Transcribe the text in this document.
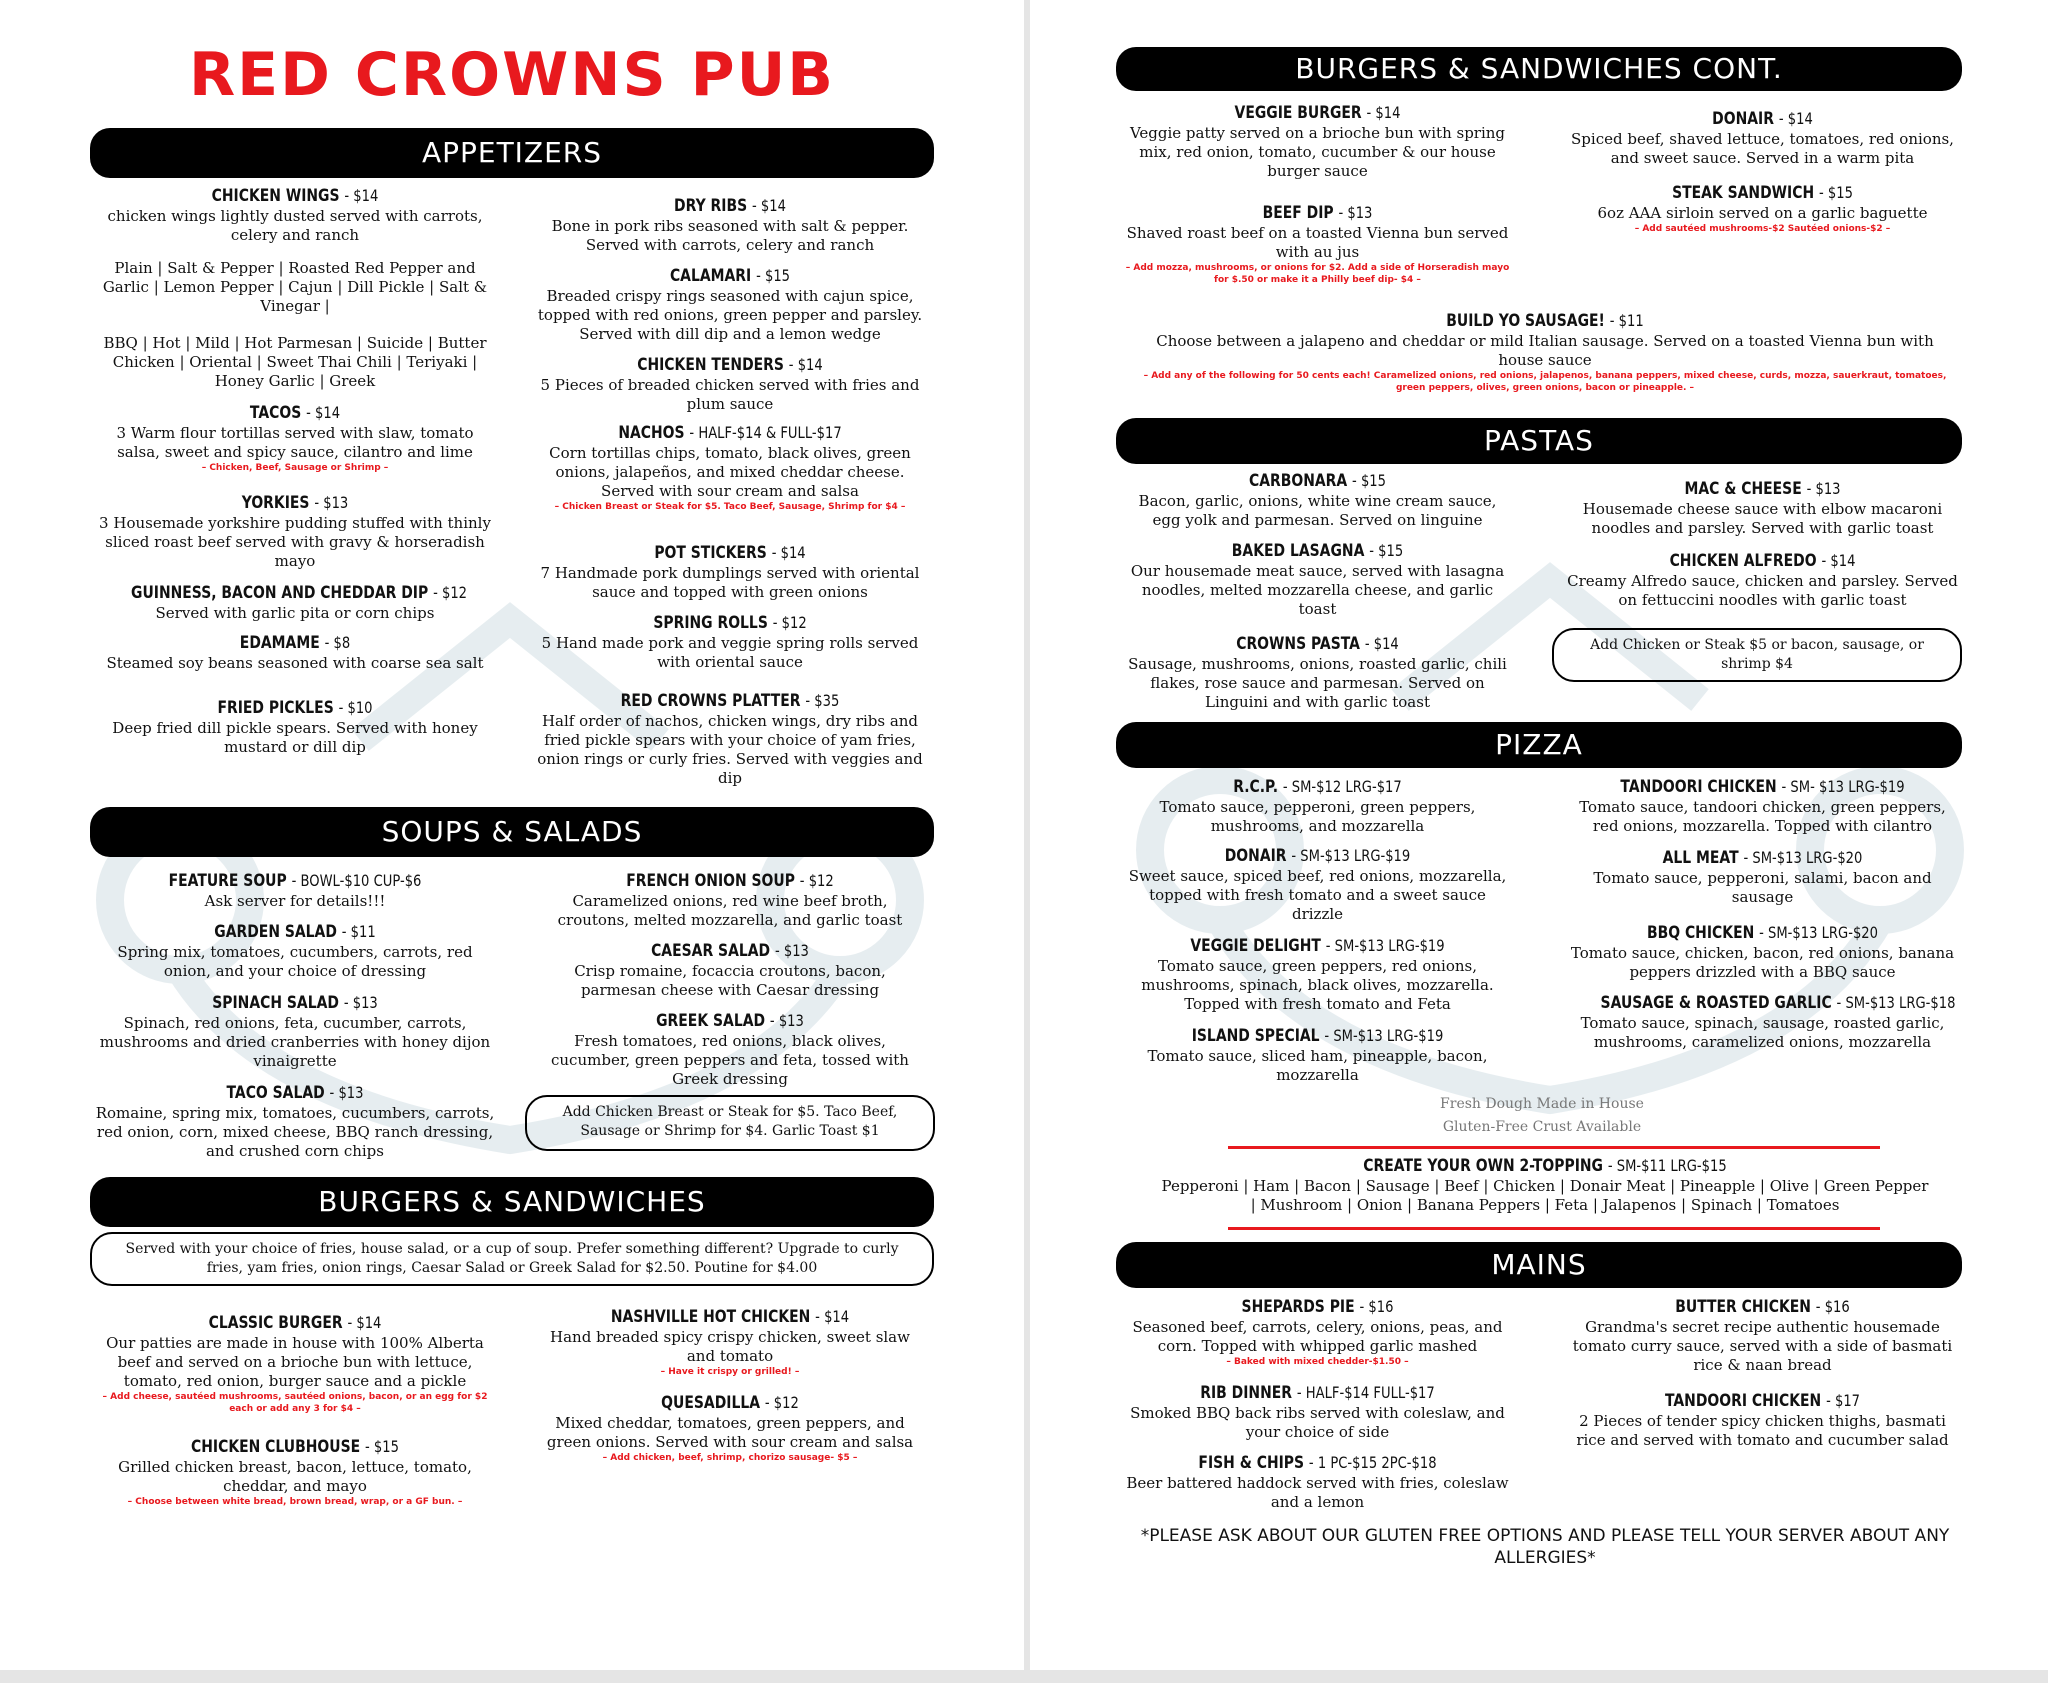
RED CROWNS PUB
APPETIZERS
CHICKEN WINGS - $14
chicken wings lightly dusted served with carrots, celery and ranch
Plain | Salt & Pepper | Roasted Red Pepper and Garlic | Lemon Pepper | Cajun | Dill Pickle | Salt & Vinegar |
BBQ | Hot | Mild | Hot Parmesan | Suicide | Butter Chicken | Oriental | Sweet Thai Chili | Teriyaki | Honey Garlic | Greek
TACOS - $14
3 Warm flour tortillas served with slaw, tomato salsa, sweet and spicy sauce, cilantro and lime
– Chicken, Beef, Sausage or Shrimp –
YORKIES - $13
3 Housemade yorkshire pudding stuffed with thinly sliced roast beef served with gravy & horseradish mayo
GUINNESS, BACON AND CHEDDAR DIP - $12
Served with garlic pita or corn chips
EDAMAME - $8
Steamed soy beans seasoned with coarse sea salt
FRIED PICKLES - $10
Deep fried dill pickle spears. Served with honey mustard or dill dip
DRY RIBS - $14
Bone in pork ribs seasoned with salt & pepper. Served with carrots, celery and ranch
CALAMARI - $15
Breaded crispy rings seasoned with cajun spice, topped with red onions, green pepper and parsley. Served with dill dip and a lemon wedge
CHICKEN TENDERS - $14
5 Pieces of breaded chicken served with fries and plum sauce
NACHOS - HALF-$14 & FULL-$17
Corn tortillas chips, tomato, black olives, green onions, jalapeños, and mixed cheddar cheese. Served with sour cream and salsa
– Chicken Breast or Steak for $5. Taco Beef, Sausage, Shrimp for $4 –
POT STICKERS - $14
7 Handmade pork dumplings served with oriental sauce and topped with green onions
SPRING ROLLS - $12
5 Hand made pork and veggie spring rolls served with oriental sauce
RED CROWNS PLATTER - $35
Half order of nachos, chicken wings, dry ribs and fried pickle spears with your choice of yam fries, onion rings or curly fries. Served with veggies and dip
SOUPS & SALADS
FEATURE SOUP - BOWL-$10 CUP-$6
Ask server for details!!!
GARDEN SALAD - $11
Spring mix, tomatoes, cucumbers, carrots, red onion, and your choice of dressing
SPINACH SALAD - $13
Spinach, red onions, feta, cucumber, carrots, mushrooms and dried cranberries with honey dijon vinaigrette
TACO SALAD - $13
Romaine, spring mix, tomatoes, cucumbers, carrots, red onion, corn, mixed cheese, BBQ ranch dressing, and crushed corn chips
FRENCH ONION SOUP - $12
Caramelized onions, red wine beef broth, croutons, melted mozzarella, and garlic toast
CAESAR SALAD - $13
Crisp romaine, focaccia croutons, bacon, parmesan cheese with Caesar dressing
GREEK SALAD - $13
Fresh tomatoes, red onions, black olives, cucumber, green peppers and feta, tossed with Greek dressing
Add Chicken Breast or Steak for $5. Taco Beef, Sausage or Shrimp for $4. Garlic Toast $1
BURGERS & SANDWICHES
Served with your choice of fries, house salad, or a cup of soup. Prefer something different? Upgrade to curly fries, yam fries, onion rings, Caesar Salad or Greek Salad for $2.50. Poutine for $4.00
CLASSIC BURGER - $14
Our patties are made in house with 100% Alberta beef and served on a brioche bun with lettuce, tomato, red onion, burger sauce and a pickle
– Add cheese, sautéed mushrooms, sautéed onions, bacon, or an egg for $2 each or add any 3 for $4 –
CHICKEN CLUBHOUSE - $15
Grilled chicken breast, bacon, lettuce, tomato, cheddar, and mayo
– Choose between white bread, brown bread, wrap, or a GF bun. –
NASHVILLE HOT CHICKEN - $14
Hand breaded spicy crispy chicken, sweet slaw and tomato
– Have it crispy or grilled! –
QUESADILLA - $12
Mixed cheddar, tomatoes, green peppers, and green onions. Served with sour cream and salsa
– Add chicken, beef, shrimp, chorizo sausage- $5 –
BURGERS & SANDWICHES CONT.
VEGGIE BURGER - $14
Veggie patty served on a brioche bun with spring mix, red onion, tomato, cucumber & our house burger sauce
BEEF DIP - $13
Shaved roast beef on a toasted Vienna bun served with au jus
– Add mozza, mushrooms, or onions for $2. Add a side of Horseradish mayo for $.50 or make it a Philly beef dip- $4 –
DONAIR - $14
Spiced beef, shaved lettuce, tomatoes, red onions, and sweet sauce. Served in a warm pita
STEAK SANDWICH - $15
6oz AAA sirloin served on a garlic baguette
– Add sautéed mushrooms-$2 Sautéed onions-$2 –
BUILD YO SAUSAGE! - $11
Choose between a jalapeno and cheddar or mild Italian sausage. Served on a toasted Vienna bun with house sauce
– Add any of the following for 50 cents each! Caramelized onions, red onions, jalapenos, banana peppers, mixed cheese, curds, mozza, sauerkraut, tomatoes, green peppers, olives, green onions, bacon or pineapple. –
PASTAS
CARBONARA - $15
Bacon, garlic, onions, white wine cream sauce, egg yolk and parmesan. Served on linguine
BAKED LASAGNA - $15
Our housemade meat sauce, served with lasagna noodles, melted mozzarella cheese, and garlic toast
CROWNS PASTA - $14
Sausage, mushrooms, onions, roasted garlic, chili flakes, rose sauce and parmesan. Served on Linguini and with garlic toast
MAC & CHEESE - $13
Housemade cheese sauce with elbow macaroni noodles and parsley. Served with garlic toast
CHICKEN ALFREDO - $14
Creamy Alfredo sauce, chicken and parsley. Served on fettuccini noodles with garlic toast
Add Chicken or Steak $5 or bacon, sausage, or shrimp $4
PIZZA
R.C.P. - SM-$12 LRG-$17
Tomato sauce, pepperoni, green peppers, mushrooms, and mozzarella
DONAIR - SM-$13 LRG-$19
Sweet sauce, spiced beef, red onions, mozzarella, topped with fresh tomato and a sweet sauce drizzle
VEGGIE DELIGHT - SM-$13 LRG-$19
Tomato sauce, green peppers, red onions, mushrooms, spinach, black olives, mozzarella. Topped with fresh tomato and Feta
ISLAND SPECIAL - SM-$13 LRG-$19
Tomato sauce, sliced ham, pineapple, bacon, mozzarella
TANDOORI CHICKEN - SM- $13 LRG-$19
Tomato sauce, tandoori chicken, green peppers, red onions, mozzarella. Topped with cilantro
ALL MEAT - SM-$13 LRG-$20
Tomato sauce, pepperoni, salami, bacon and sausage
BBQ CHICKEN - SM-$13 LRG-$20
Tomato sauce, chicken, bacon, red onions, banana peppers drizzled with a BBQ sauce
SAUSAGE & ROASTED GARLIC - SM-$13 LRG-$18
Tomato sauce, spinach, sausage, roasted garlic, mushrooms, caramelized onions, mozzarella
Fresh Dough Made in House
Gluten-Free Crust Available
CREATE YOUR OWN 2-TOPPING - SM-$11 LRG-$15
Pepperoni | Ham | Bacon | Sausage | Beef | Chicken | Donair Meat | Pineapple | Olive | Green Pepper
| Mushroom | Onion | Banana Peppers | Feta | Jalapenos | Spinach | Tomatoes
MAINS
SHEPARDS PIE - $16
Seasoned beef, carrots, celery, onions, peas, and corn. Topped with whipped garlic mashed
– Baked with mixed chedder-$1.50 –
RIB DINNER - HALF-$14 FULL-$17
Smoked BBQ back ribs served with coleslaw, and your choice of side
FISH & CHIPS - 1 PC-$15 2PC-$18
Beer battered haddock served with fries, coleslaw and a lemon
BUTTER CHICKEN - $16
Grandma's secret recipe authentic housemade tomato curry sauce, served with a side of basmati rice & naan bread
TANDOORI CHICKEN - $17
2 Pieces of tender spicy chicken thighs, basmati rice and served with tomato and cucumber salad
*PLEASE ASK ABOUT OUR GLUTEN FREE OPTIONS AND PLEASE TELL YOUR SERVER ABOUT ANY ALLERGIES*
